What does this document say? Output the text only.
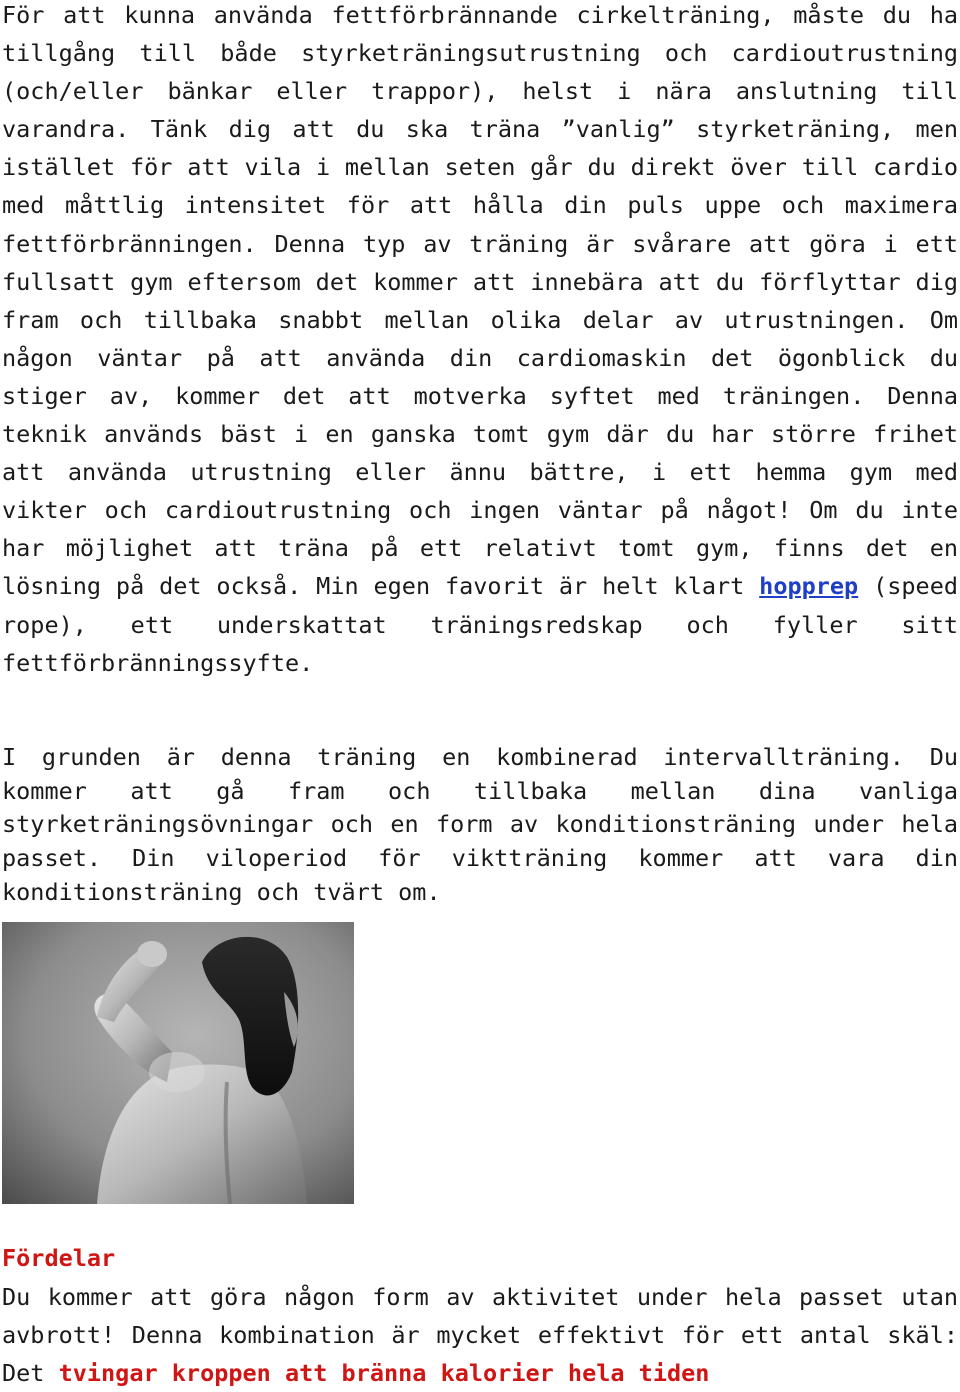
För att kunna använda fettförbrännande cirkelträning, måste du ha tillgång till både styrketräningsutrustning och cardioutrustning (och/eller bänkar eller trappor), helst i nära anslutning till varandra. Tänk dig att du ska träna ”vanlig” styrketräning, men istället för att vila i mellan seten går du direkt över till cardio med måttlig intensitet för att hålla din puls uppe och maximera fettförbränningen. Denna typ av träning är svårare att göra i ett fullsatt gym eftersom det kommer att innebära att du förflyttar dig fram och tillbaka snabbt mellan olika delar av utrustningen. Om någon väntar på att använda din cardiomaskin det ögonblick du stiger av, kommer det att motverka syftet med träningen. Denna teknik används bäst i en ganska tomt gym där du har större frihet att använda utrustning eller ännu bättre, i ett hemma gym med vikter och cardioutrustning och ingen väntar på något! Om du inte har möjlighet att träna på ett relativt tomt gym, finns det en lösning på det också. Min egen favorit är helt klart hopprep (speed rope), ett underskattat träningsredskap och fyller sitt fettförbränningssyfte.

I grunden är denna träning en kombinerad intervallträning. Du kommer att gå fram och tillbaka mellan dina vanliga styrketräningsövningar och en form av konditionsträning under hela passet. Din viloperiod för viktträning kommer att vara din konditionsträning och tvärt om.

Fördelar

Du kommer att göra någon form av aktivitet under hela passet utan avbrott! Denna kombination är mycket effektivt för ett antal skäl: Det tvingar kroppen att bränna kalorier hela tiden
